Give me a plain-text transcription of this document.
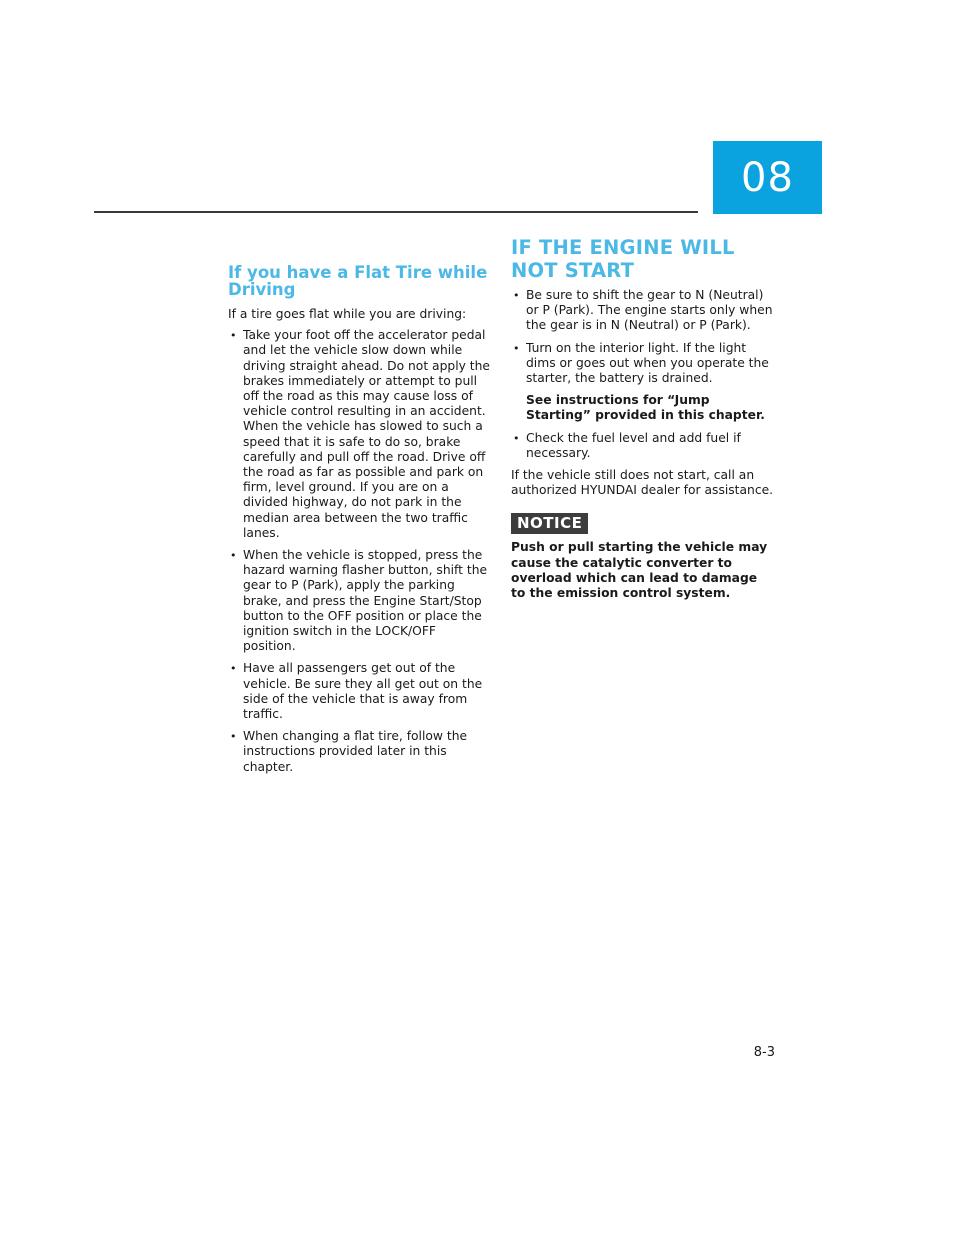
08
If you have a Flat Tire while Driving

If a tire goes flat while you are driving:

• Take your foot off the accelerator pedal and let the vehicle slow down while driving straight ahead. Do not apply the brakes immediately or attempt to pull off the road as this may cause loss of vehicle control resulting in an accident. When the vehicle has slowed to such a speed that it is safe to do so, brake carefully and pull off the road. Drive off the road as far as possible and park on firm, level ground. If you are on a divided highway, do not park in the median area between the two traffic lanes.
• When the vehicle is stopped, press the hazard warning flasher button, shift the gear to P (Park), apply the parking brake, and press the Engine Start/Stop button to the OFF position or place the ignition switch in the LOCK/OFF position.
• Have all passengers get out of the vehicle. Be sure they all get out on the side of the vehicle that is away from traffic.
• When changing a flat tire, follow the instructions provided later in this chapter.
IF THE ENGINE WILL NOT START
• Be sure to shift the gear to N (Neutral) or P (Park). The engine starts only when the gear is in N (Neutral) or P (Park).
• Turn on the interior light. If the light dims or goes out when you operate the starter, the battery is drained.
See instructions for “Jump Starting” provided in this chapter.
• Check the fuel level and add fuel if necessary.

If the vehicle still does not start, call an authorized HYUNDAI dealer for assistance.

NOTICE

Push or pull starting the vehicle may cause the catalytic converter to overload which can lead to damage to the emission control system.

8-3
